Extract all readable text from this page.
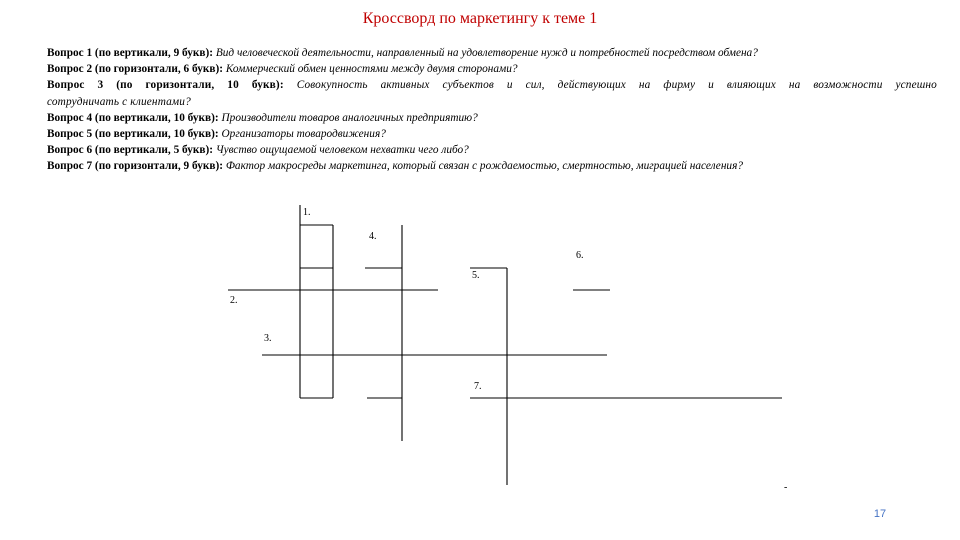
Кроссворд по маркетингу к теме 1

Вопрос 1 (по вертикали, 9 букв): Вид человеческой деятельности, направленный на удовлетворение нужд и потребностей посредством обмена?

Вопрос 2 (по горизонтали, 6 букв): Коммерческий обмен ценностями между двумя сторонами?

Вопрос 3 (по горизонтали, 10 букв): Совокупность активных субъектов и сил, действующих на фирму и влияющих на возможности успешно
сотрудничать с клиентами?

Вопрос 4 (по вертикали, 10 букв): Производители товаров аналогичных предприятию?

Вопрос 5 (по вертикали, 10 букв): Организаторы товародвижения?

Вопрос 6 (по вертикали, 5 букв): Чувство ощущаемой человеком нехватки чего либо?

Вопрос 7 (по горизонтали, 9 букв): Фактор макросреды маркетинга, который связан с рождаемостью, смертностью, миграцией населения?

1.
2.
3.
4.
5.
6.
7.
-
17
